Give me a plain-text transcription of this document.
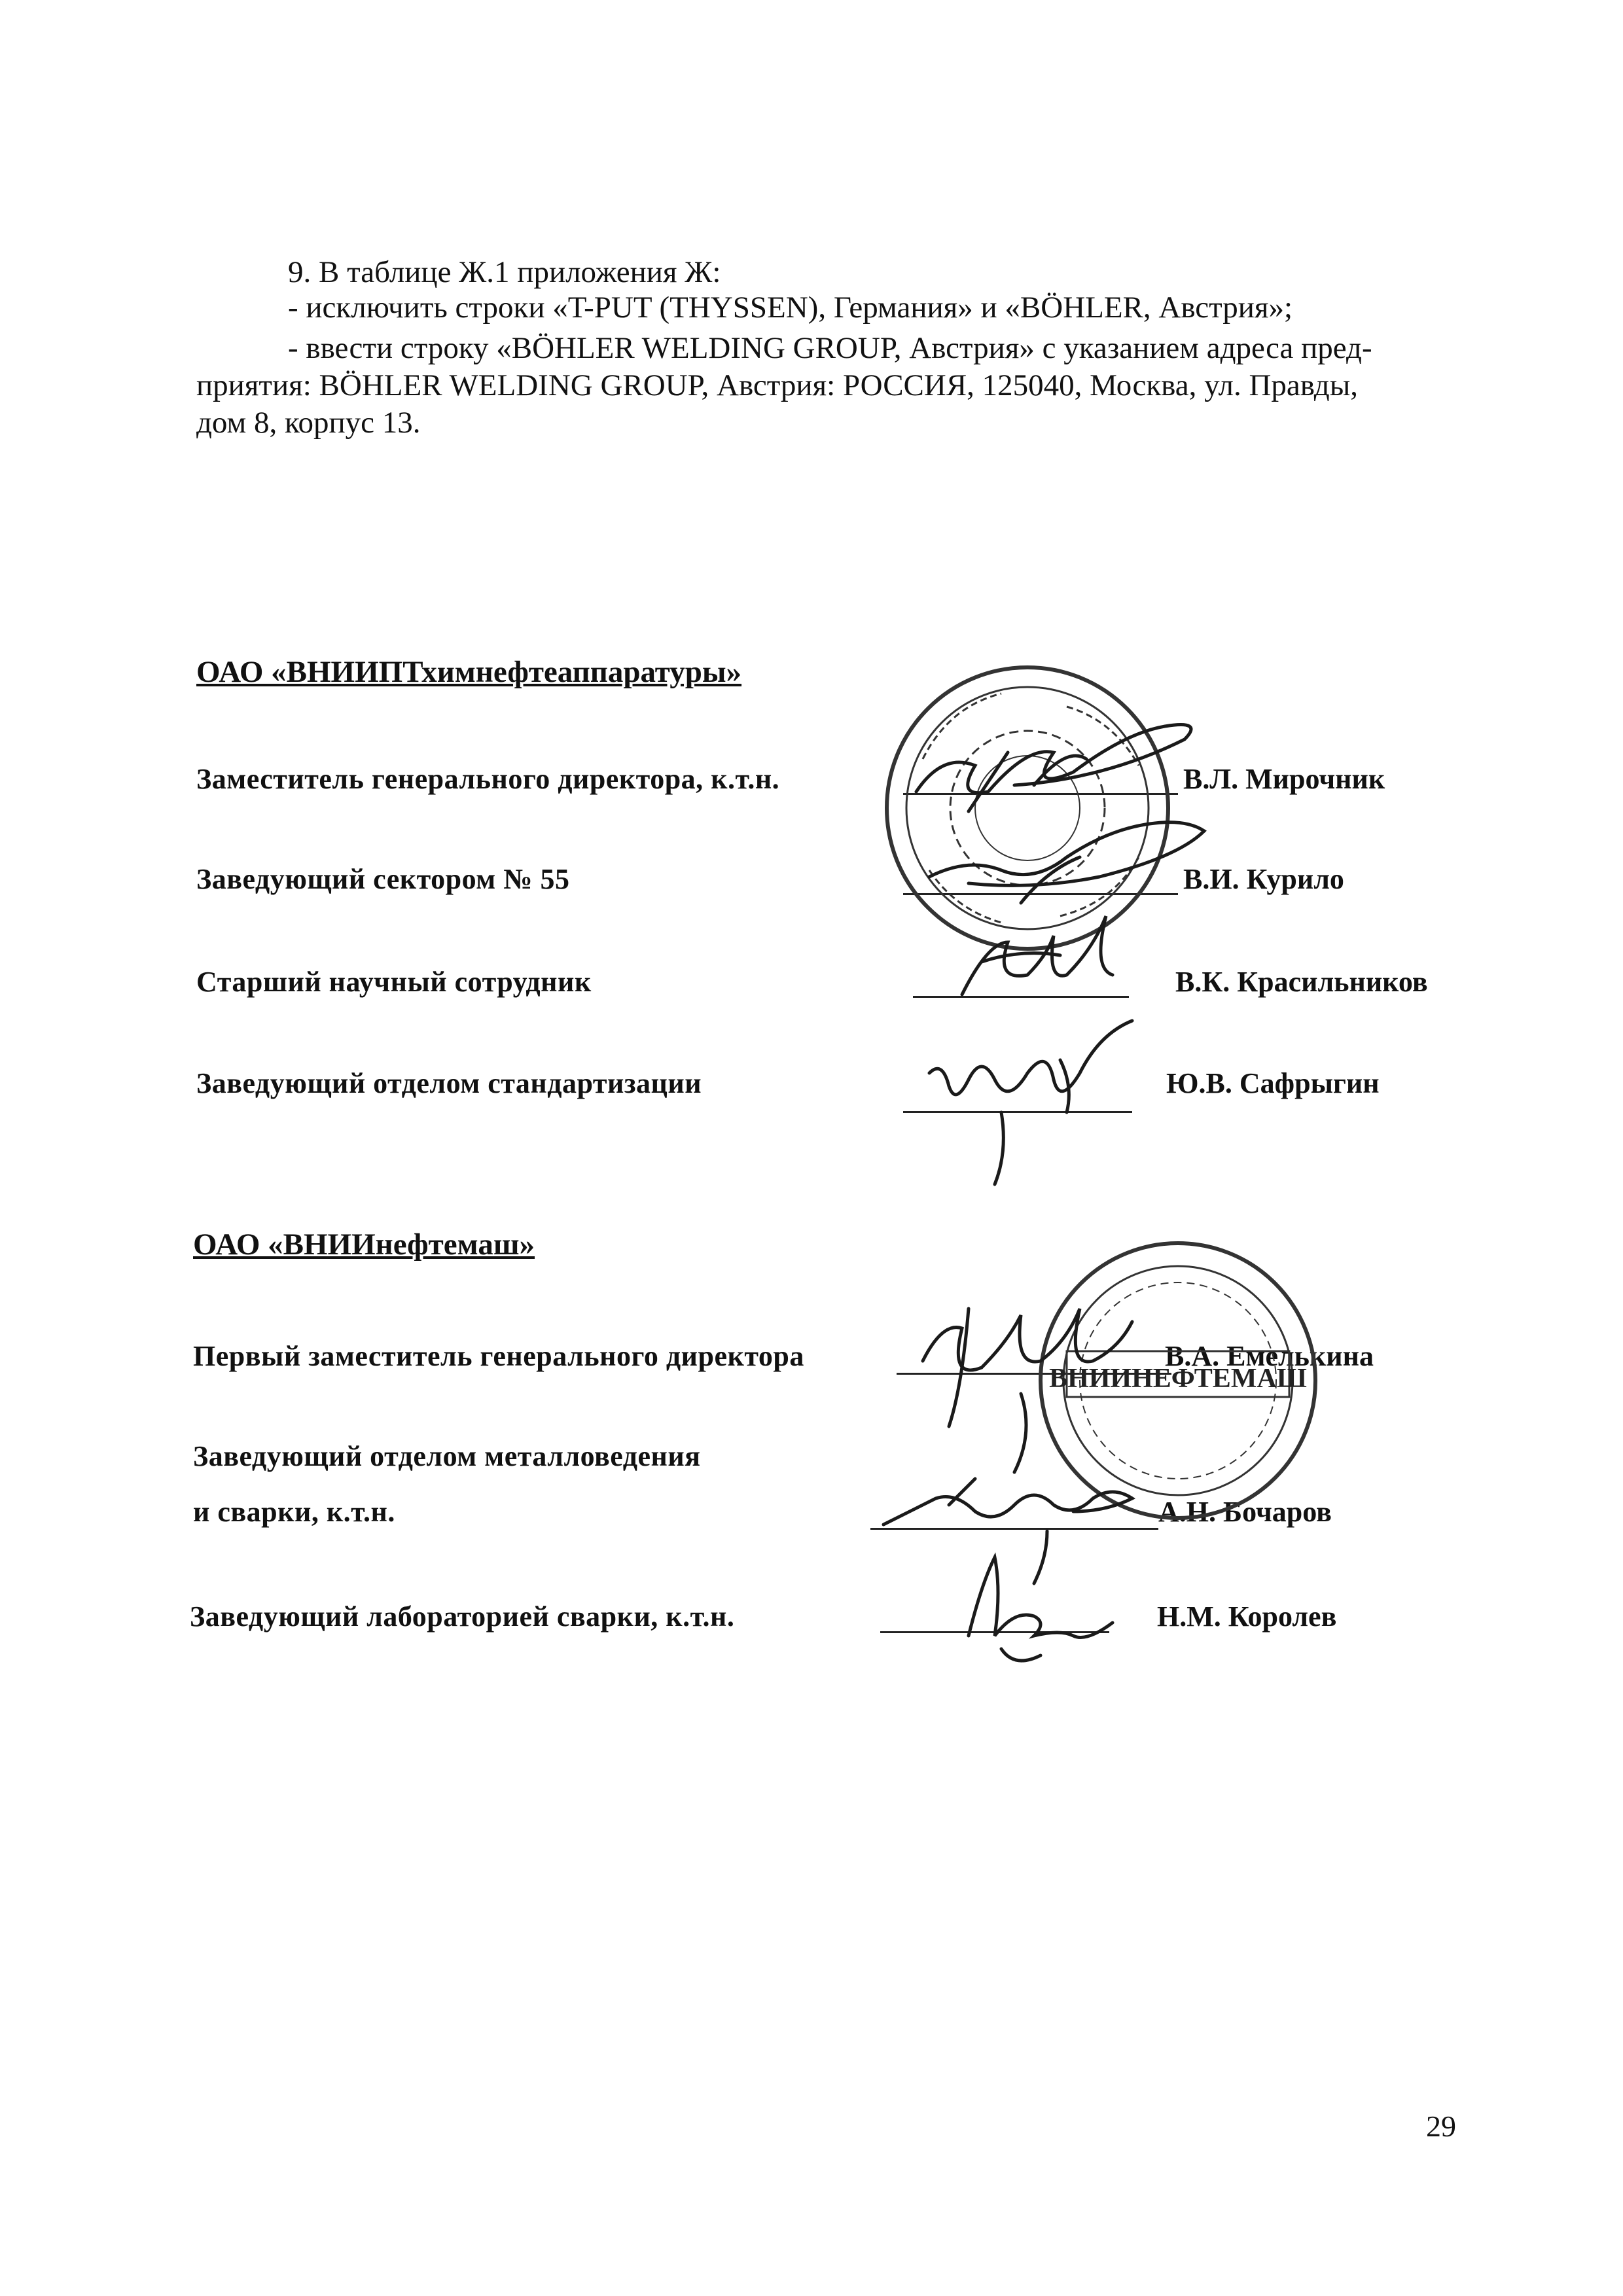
9. В таблице Ж.1 приложения Ж:
- исключить строки «T-PUT (THYSSEN), Германия» и «BÖHLER, Австрия»;
- ввести строку «BÖHLER WELDING GROUP, Австрия» с указанием адреса пред-
приятия: BÖHLER WELDING GROUP, Австрия: РОССИЯ, 125040, Москва, ул. Правды,
дом 8, корпус 13.
ОАО «ВНИИПТхимнефтеаппаратуры»
Заместитель генерального директора, к.т.н.	В.Л. Мирочник
Заведующий сектором № 55	В.И. Курило
Старший научный сотрудник	В.К. Красильников
Заведующий отделом стандартизации	Ю.В. Сафрыгин
ОАО «ВНИИнефтемаш»
Первый заместитель генерального директора	В.А. Емелькина
Заведующий отделом металловедения
и сварки, к.т.н.	А.Н. Бочаров
Заведующий лабораторией сварки, к.т.н.	Н.М. Королев
29
ВНИИНЕФТЕМАШ
